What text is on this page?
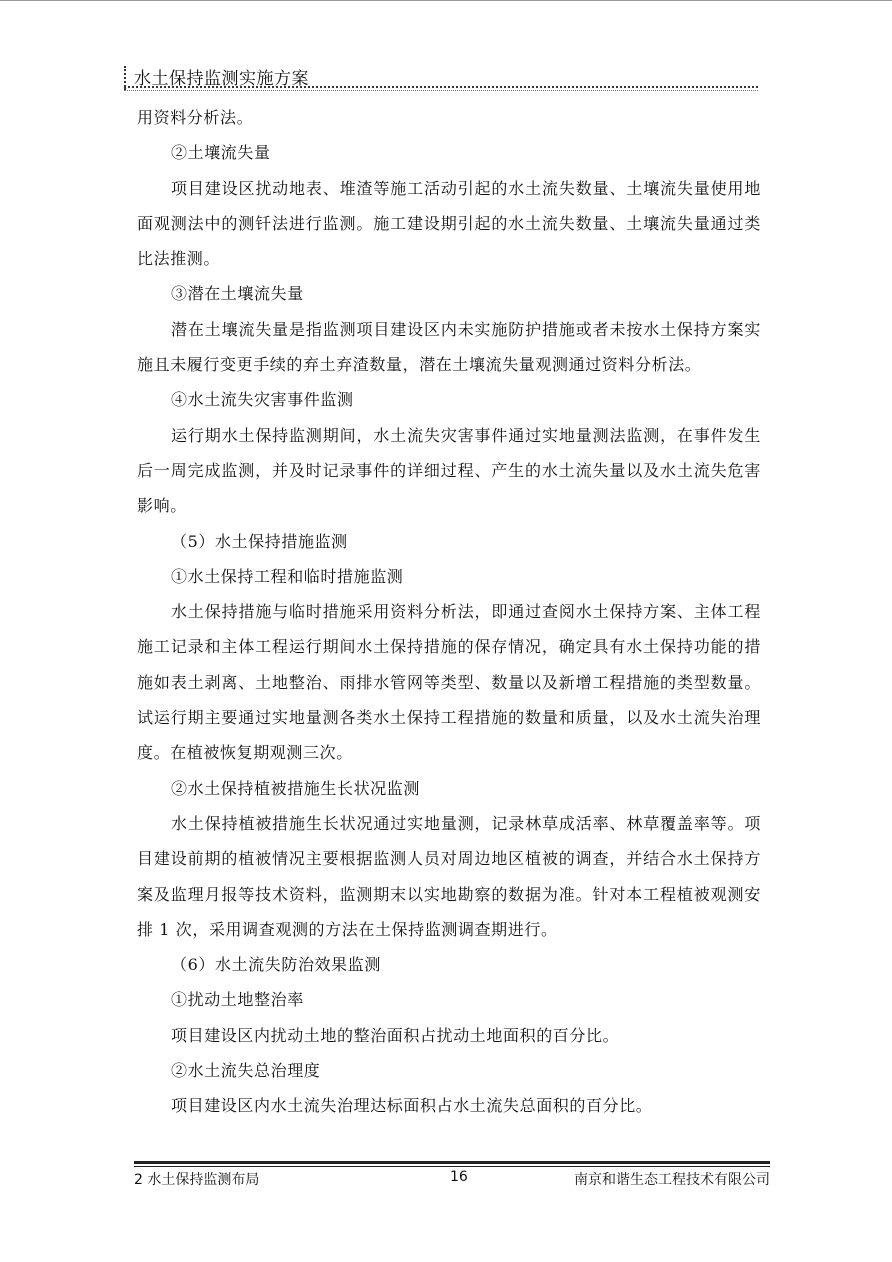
水土保持监测实施方案

用资料分析法。

②土壤流失量

项目建设区扰动地表、堆渣等施工活动引起的水土流失数量、土壤流失量使用地面观测法中的测钎法进行监测。施工建设期引起的水土流失数量、土壤流失量通过类比法推测。

③潜在土壤流失量

潜在土壤流失量是指监测项目建设区内未实施防护措施或者未按水土保持方案实施且未履行变更手续的弃土弃渣数量，潜在土壤流失量观测通过资料分析法。

④水土流失灾害事件监测

运行期水土保持监测期间，水土流失灾害事件通过实地量测法监测，在事件发生后一周完成监测，并及时记录事件的详细过程、产生的水土流失量以及水土流失危害影响。

（5）水土保持措施监测

①水土保持工程和临时措施监测

水土保持措施与临时措施采用资料分析法，即通过查阅水土保持方案、主体工程施工记录和主体工程运行期间水土保持措施的保存情况，确定具有水土保持功能的措施如表土剥离、土地整治、雨排水管网等类型、数量以及新增工程措施的类型数量。试运行期主要通过实地量测各类水土保持工程措施的数量和质量，以及水土流失治理度。在植被恢复期观测三次。

②水土保持植被措施生长状况监测

水土保持植被措施生长状况通过实地量测，记录林草成活率、林草覆盖率等。项目建设前期的植被情况主要根据监测人员对周边地区植被的调查，并结合水土保持方案及监理月报等技术资料，监测期末以实地勘察的数据为准。针对本工程植被观测安排 1 次，采用调查观测的方法在土保持监测调查期进行。

（6）水土流失防治效果监测

①扰动土地整治率

项目建设区内扰动土地的整治面积占扰动土地面积的百分比。

②水土流失总治理度

项目建设区内水土流失治理达标面积占水土流失总面积的百分比。

2 水土保持监测布局	16	南京和谐生态工程技术有限公司
